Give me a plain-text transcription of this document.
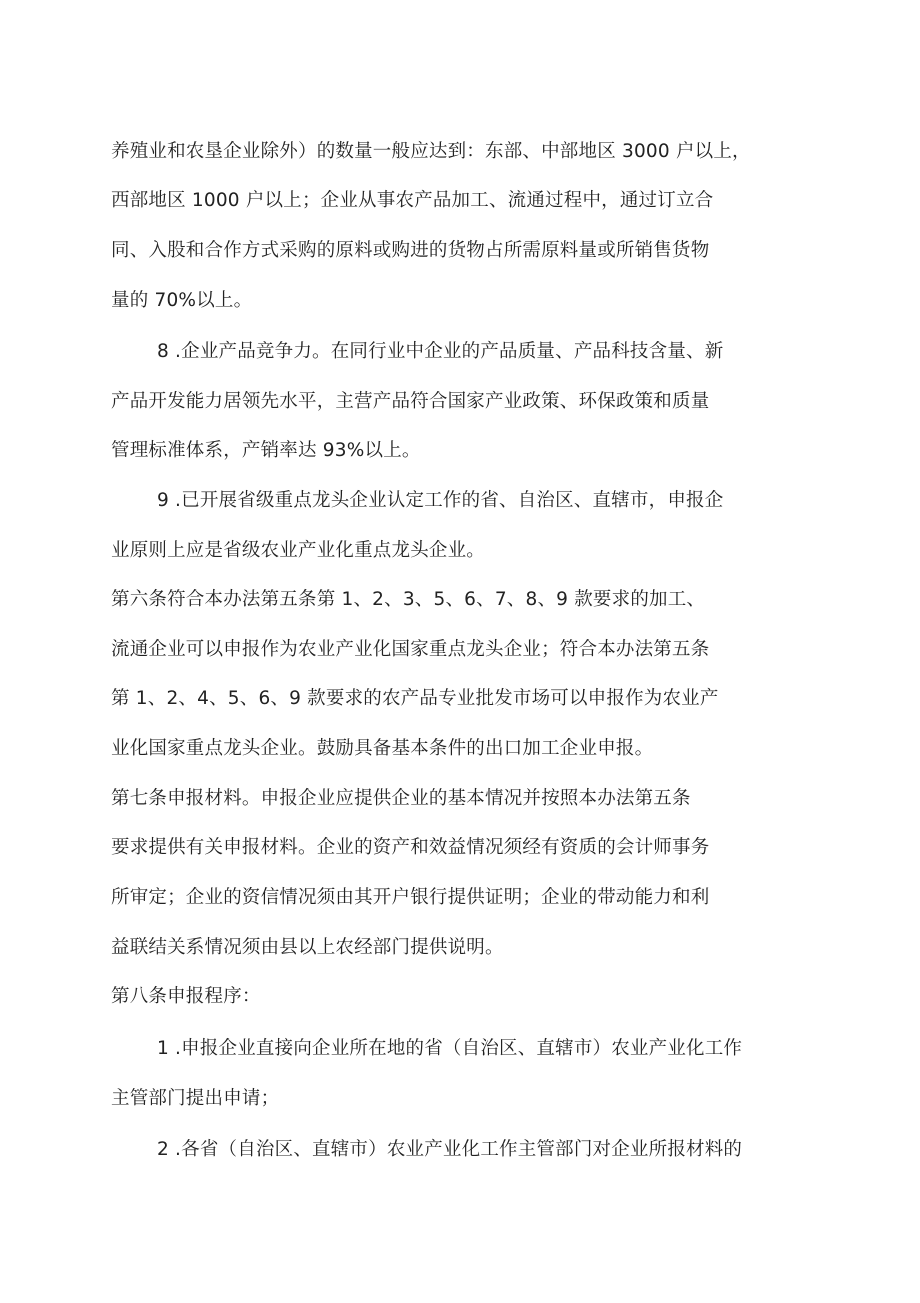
养殖业和农垦企业除外）的数量一般应达到：东部、中部地区 3000 户以上，
西部地区 1000 户以上；企业从事农产品加工、流通过程中，通过订立合
同、入股和合作方式采购的原料或购进的货物占所需原料量或所销售货物
量的 70%以上。
8 .企业产品竞争力。在同行业中企业的产品质量、产品科技含量、新
产品开发能力居领先水平，主营产品符合国家产业政策、环保政策和质量
管理标准体系，产销率达 93%以上。
9 .已开展省级重点龙头企业认定工作的省、自治区、直辖市，申报企
业原则上应是省级农业产业化重点龙头企业。
第六条符合本办法第五条第 1、2、3、5、6、7、8、9 款要求的加工、
流通企业可以申报作为农业产业化国家重点龙头企业；符合本办法第五条
第 1、2、4、5、6、9 款要求的农产品专业批发市场可以申报作为农业产
业化国家重点龙头企业。鼓励具备基本条件的出口加工企业申报。
第七条申报材料。申报企业应提供企业的基本情况并按照本办法第五条
要求提供有关申报材料。企业的资产和效益情况须经有资质的会计师事务
所审定；企业的资信情况须由其开户银行提供证明；企业的带动能力和利
益联结关系情况须由县以上农经部门提供说明。
第八条申报程序：
1 .申报企业直接向企业所在地的省（自治区、直辖市）农业产业化工作
主管部门提出申请；
2 .各省（自治区、直辖市）农业产业化工作主管部门对企业所报材料的
